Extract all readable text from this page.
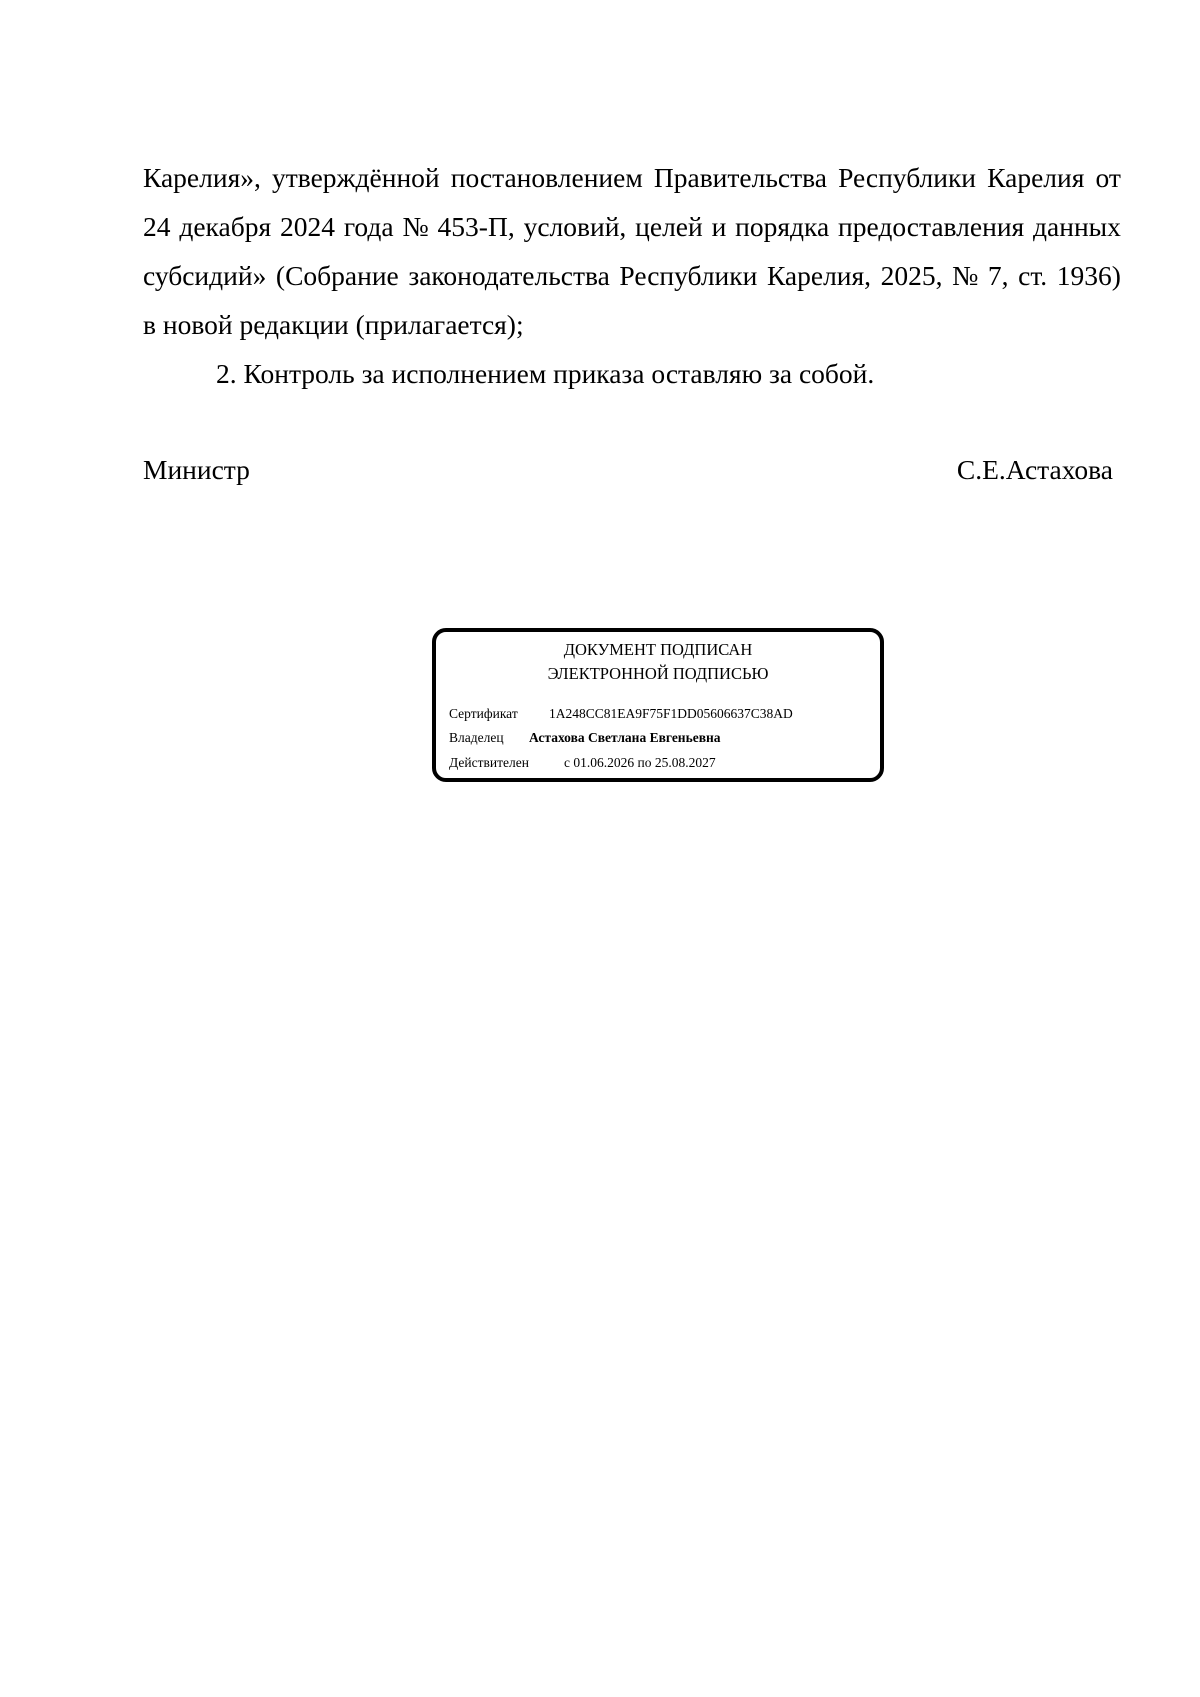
Карелия», утверждённой постановлением Правительства Республики Карелия от
24 декабря 2024 года № 453-П, условий, целей и порядка предоставления данных
субсидий» (Собрание законодательства Республики Карелия, 2025, № 7, ст. 1936)
в новой редакции (прилагается);
2. Контроль за исполнением приказа оставляю за собой.
Министр	С.Е.Астахова
ДОКУМЕНТ ПОДПИСАН
ЭЛЕКТРОННОЙ ПОДПИСЬЮ
Сертификат 1A248CC81EA9F75F1DD05606637C38AD
Владелец Астахова Светлана Евгеньевна
Действителен	с 01.06.2026 по 25.08.2027
